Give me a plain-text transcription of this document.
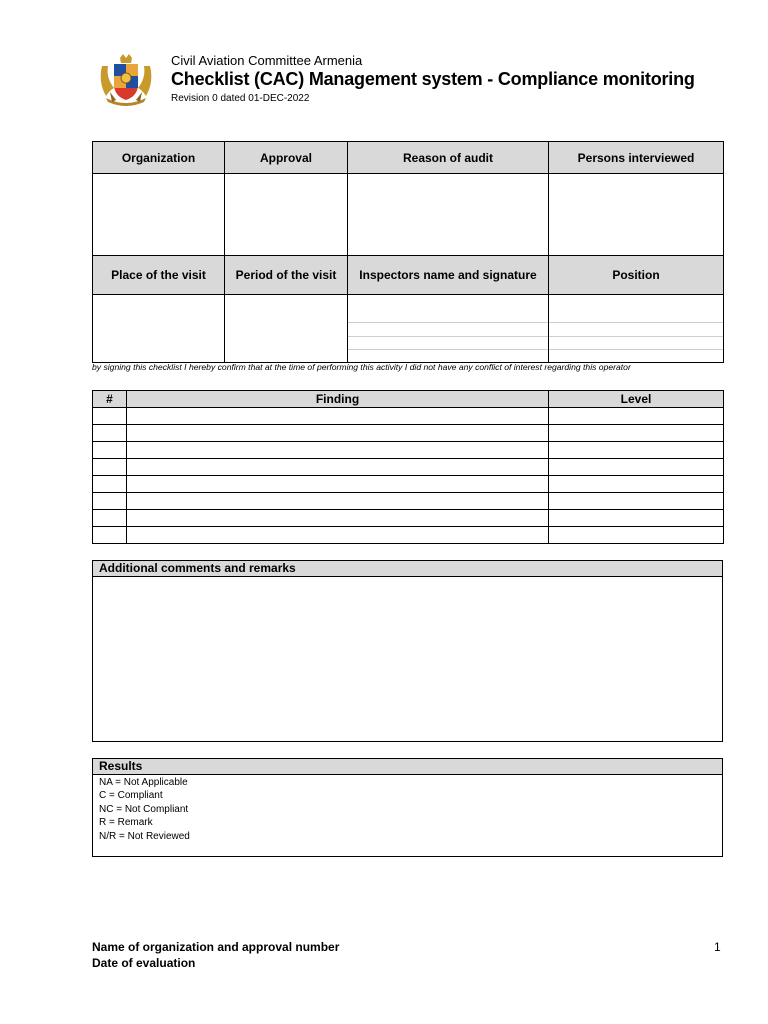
Civil Aviation Committee Armenia
Checklist (CAC) Management system - Compliance monitoring
Revision 0 dated 01-DEC-2022
Organization	Approval	Reason of audit	Persons interviewed

Place of the visit	Period of the visit	Inspectors name and signature	Position

by signing this checklist I hereby confirm that at the time of performing this activity I did not have any conflict of interest regarding this operator
#	Finding	Level

Additional comments and remarks
Results
NA = Not Applicable
C = Compliant
NC = Not Compliant
R = Remark
N/R = Not Reviewed
Name of organization and approval number
Date of evaluation
1
